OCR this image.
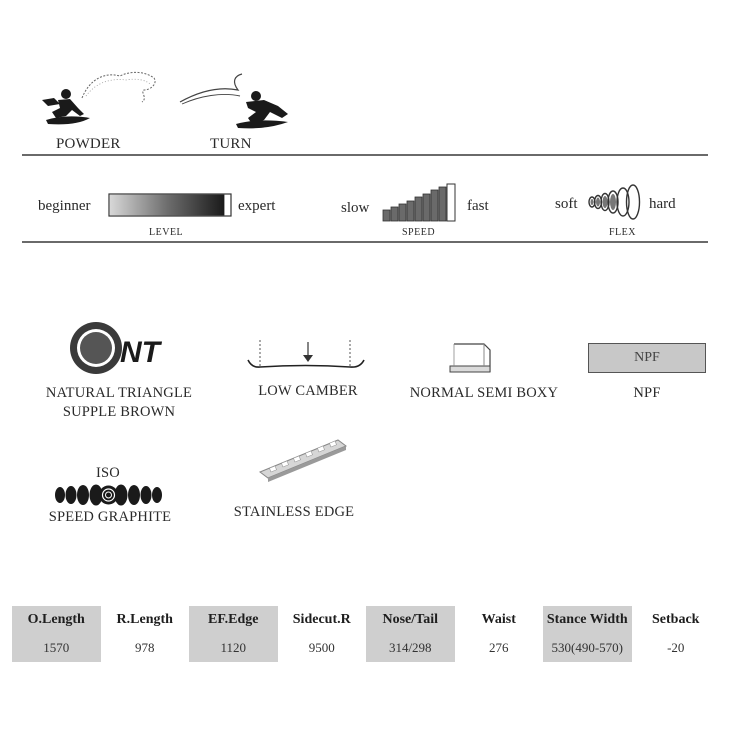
POWDER	TURN
beginner	expert
LEVEL
slow	fast
SPEED
soft	hard
FLEX
NT
NATURAL TRIANGLE
SUPPLE BROWN
LOW CAMBER	NORMAL SEMI BOXY
NPF
NPF
ISO
SPEED GRAPHITE	STAINLESS EDGE
O.Length	R.Length	EF.Edge	Sidecut.R	Nose/Tail	Waist	Stance Width	Setback
1570	978	1120	9500	314/298	276	530(490-570)	-20
